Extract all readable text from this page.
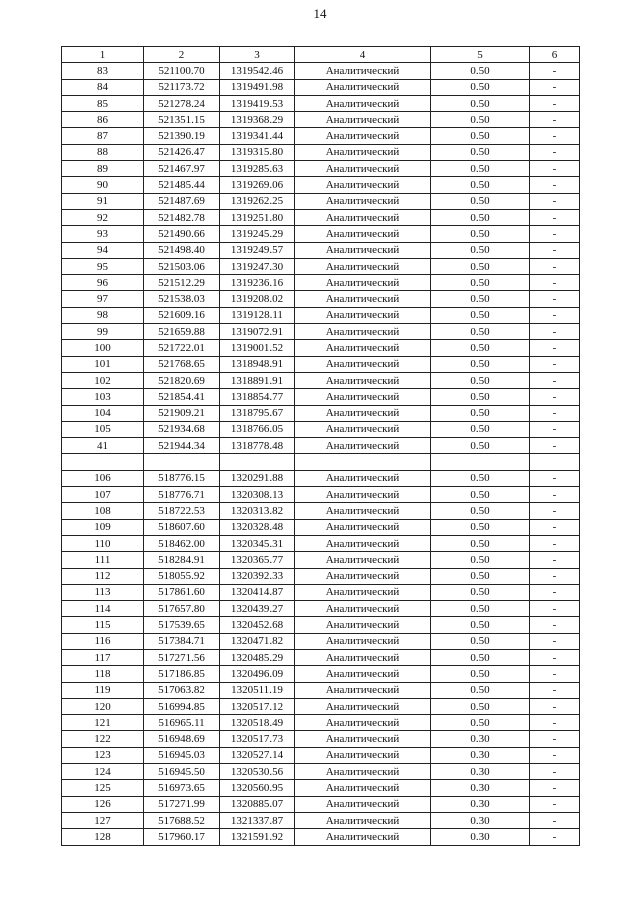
14
1	2	3	4	5	6
83	521100.70	1319542.46	Аналитический	0.50	-
84	521173.72	1319491.98	Аналитический	0.50	-
85	521278.24	1319419.53	Аналитический	0.50	-
86	521351.15	1319368.29	Аналитический	0.50	-
87	521390.19	1319341.44	Аналитический	0.50	-
88	521426.47	1319315.80	Аналитический	0.50	-
89	521467.97	1319285.63	Аналитический	0.50	-
90	521485.44	1319269.06	Аналитический	0.50	-
91	521487.69	1319262.25	Аналитический	0.50	-
92	521482.78	1319251.80	Аналитический	0.50	-
93	521490.66	1319245.29	Аналитический	0.50	-
94	521498.40	1319249.57	Аналитический	0.50	-
95	521503.06	1319247.30	Аналитический	0.50	-
96	521512.29	1319236.16	Аналитический	0.50	-
97	521538.03	1319208.02	Аналитический	0.50	-
98	521609.16	1319128.11	Аналитический	0.50	-
99	521659.88	1319072.91	Аналитический	0.50	-
100	521722.01	1319001.52	Аналитический	0.50	-
101	521768.65	1318948.91	Аналитический	0.50	-
102	521820.69	1318891.91	Аналитический	0.50	-
103	521854.41	1318854.77	Аналитический	0.50	-
104	521909.21	1318795.67	Аналитический	0.50	-
105	521934.68	1318766.05	Аналитический	0.50	-
41	521944.34	1318778.48	Аналитический	0.50	-

106	518776.15	1320291.88	Аналитический	0.50	-
107	518776.71	1320308.13	Аналитический	0.50	-
108	518722.53	1320313.82	Аналитический	0.50	-
109	518607.60	1320328.48	Аналитический	0.50	-
110	518462.00	1320345.31	Аналитический	0.50	-
111	518284.91	1320365.77	Аналитический	0.50	-
112	518055.92	1320392.33	Аналитический	0.50	-
113	517861.60	1320414.87	Аналитический	0.50	-
114	517657.80	1320439.27	Аналитический	0.50	-
115	517539.65	1320452.68	Аналитический	0.50	-
116	517384.71	1320471.82	Аналитический	0.50	-
117	517271.56	1320485.29	Аналитический	0.50	-
118	517186.85	1320496.09	Аналитический	0.50	-
119	517063.82	1320511.19	Аналитический	0.50	-
120	516994.85	1320517.12	Аналитический	0.50	-
121	516965.11	1320518.49	Аналитический	0.50	-
122	516948.69	1320517.73	Аналитический	0.30	-
123	516945.03	1320527.14	Аналитический	0.30	-
124	516945.50	1320530.56	Аналитический	0.30	-
125	516973.65	1320560.95	Аналитический	0.30	-
126	517271.99	1320885.07	Аналитический	0.30	-
127	517688.52	1321337.87	Аналитический	0.30	-
128	517960.17	1321591.92	Аналитический	0.30	-
